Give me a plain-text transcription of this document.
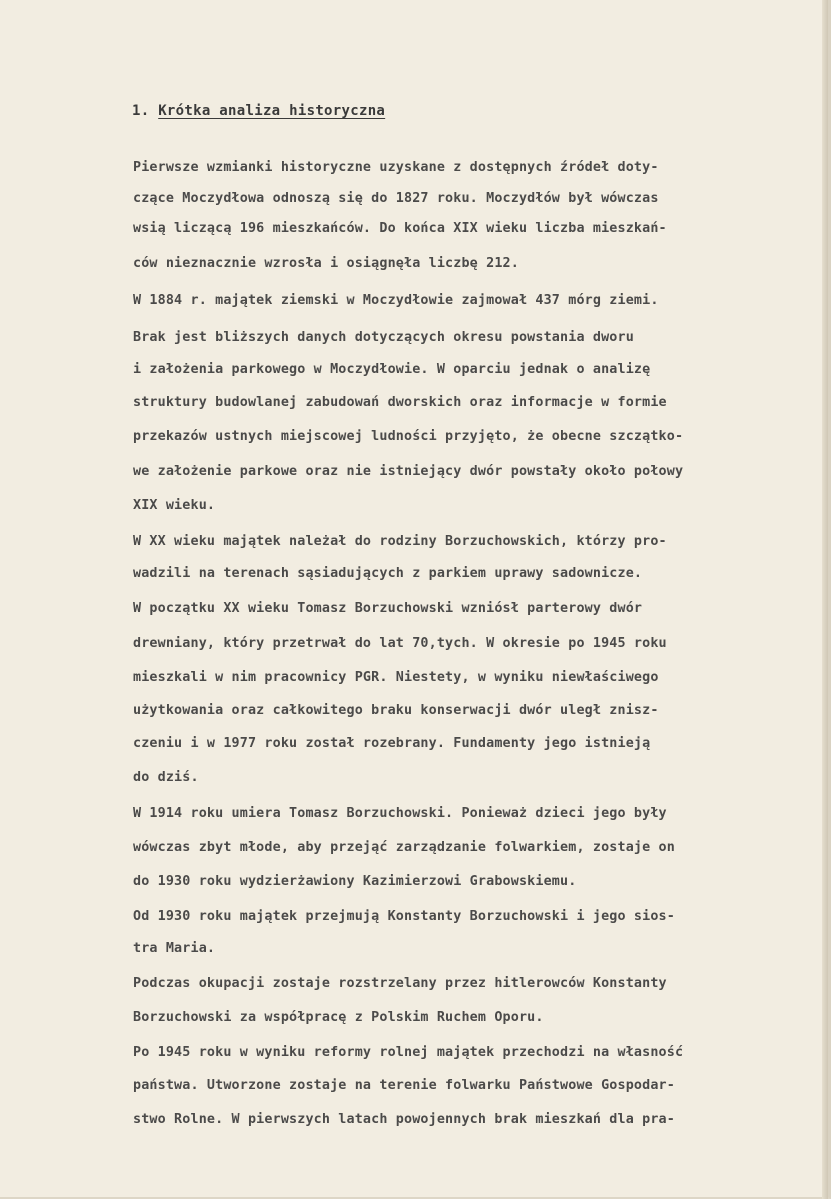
1. Krótka analiza historyczna

Pierwsze wzmianki historyczne uzyskane z dostępnych źródeł doty-

czące Moczydłowa odnoszą się do 1827 roku. Moczydłów był wówczas

wsią liczącą 196 mieszkańców. Do końca XIX wieku liczba mieszkań-

ców nieznacznie wzrosła i osiągnęła liczbę 212.

W 1884 r. majątek ziemski w Moczydłowie zajmował 437 mórg ziemi.

Brak jest bliższych danych dotyczących okresu powstania dworu

i założenia parkowego w Moczydłowie. W oparciu jednak o analizę

struktury budowlanej zabudowań dworskich oraz informacje w formie

przekazów ustnych miejscowej ludności przyjęto, że obecne szczątko-

we założenie parkowe oraz nie istniejący dwór powstały około połowy

XIX wieku.

W XX wieku majątek należał do rodziny Borzuchowskich, którzy pro-

wadzili na terenach sąsiadujących z parkiem uprawy sadownicze.

W początku XX wieku Tomasz Borzuchowski wzniósł parterowy dwór

drewniany, który przetrwał do lat 70,tych. W okresie po 1945 roku

mieszkali w nim pracownicy PGR. Niestety, w wyniku niewłaściwego

użytkowania oraz całkowitego braku konserwacji dwór uległ znisz-

czeniu i w 1977 roku został rozebrany. Fundamenty jego istnieją

do dziś.

W 1914 roku umiera Tomasz Borzuchowski. Ponieważ dzieci jego były

wówczas zbyt młode, aby przejąć zarządzanie folwarkiem, zostaje on

do 1930 roku wydzierżawiony Kazimierzowi Grabowskiemu.

Od 1930 roku majątek przejmują Konstanty Borzuchowski i jego sios-

tra Maria.

Podczas okupacji zostaje rozstrzelany przez hitlerowców Konstanty

Borzuchowski za współpracę z Polskim Ruchem Oporu.

Po 1945 roku w wyniku reformy rolnej majątek przechodzi na własność

państwa. Utworzone zostaje na terenie folwarku Państwowe Gospodar-

stwo Rolne. W pierwszych latach powojennych brak mieszkań dla pra-
